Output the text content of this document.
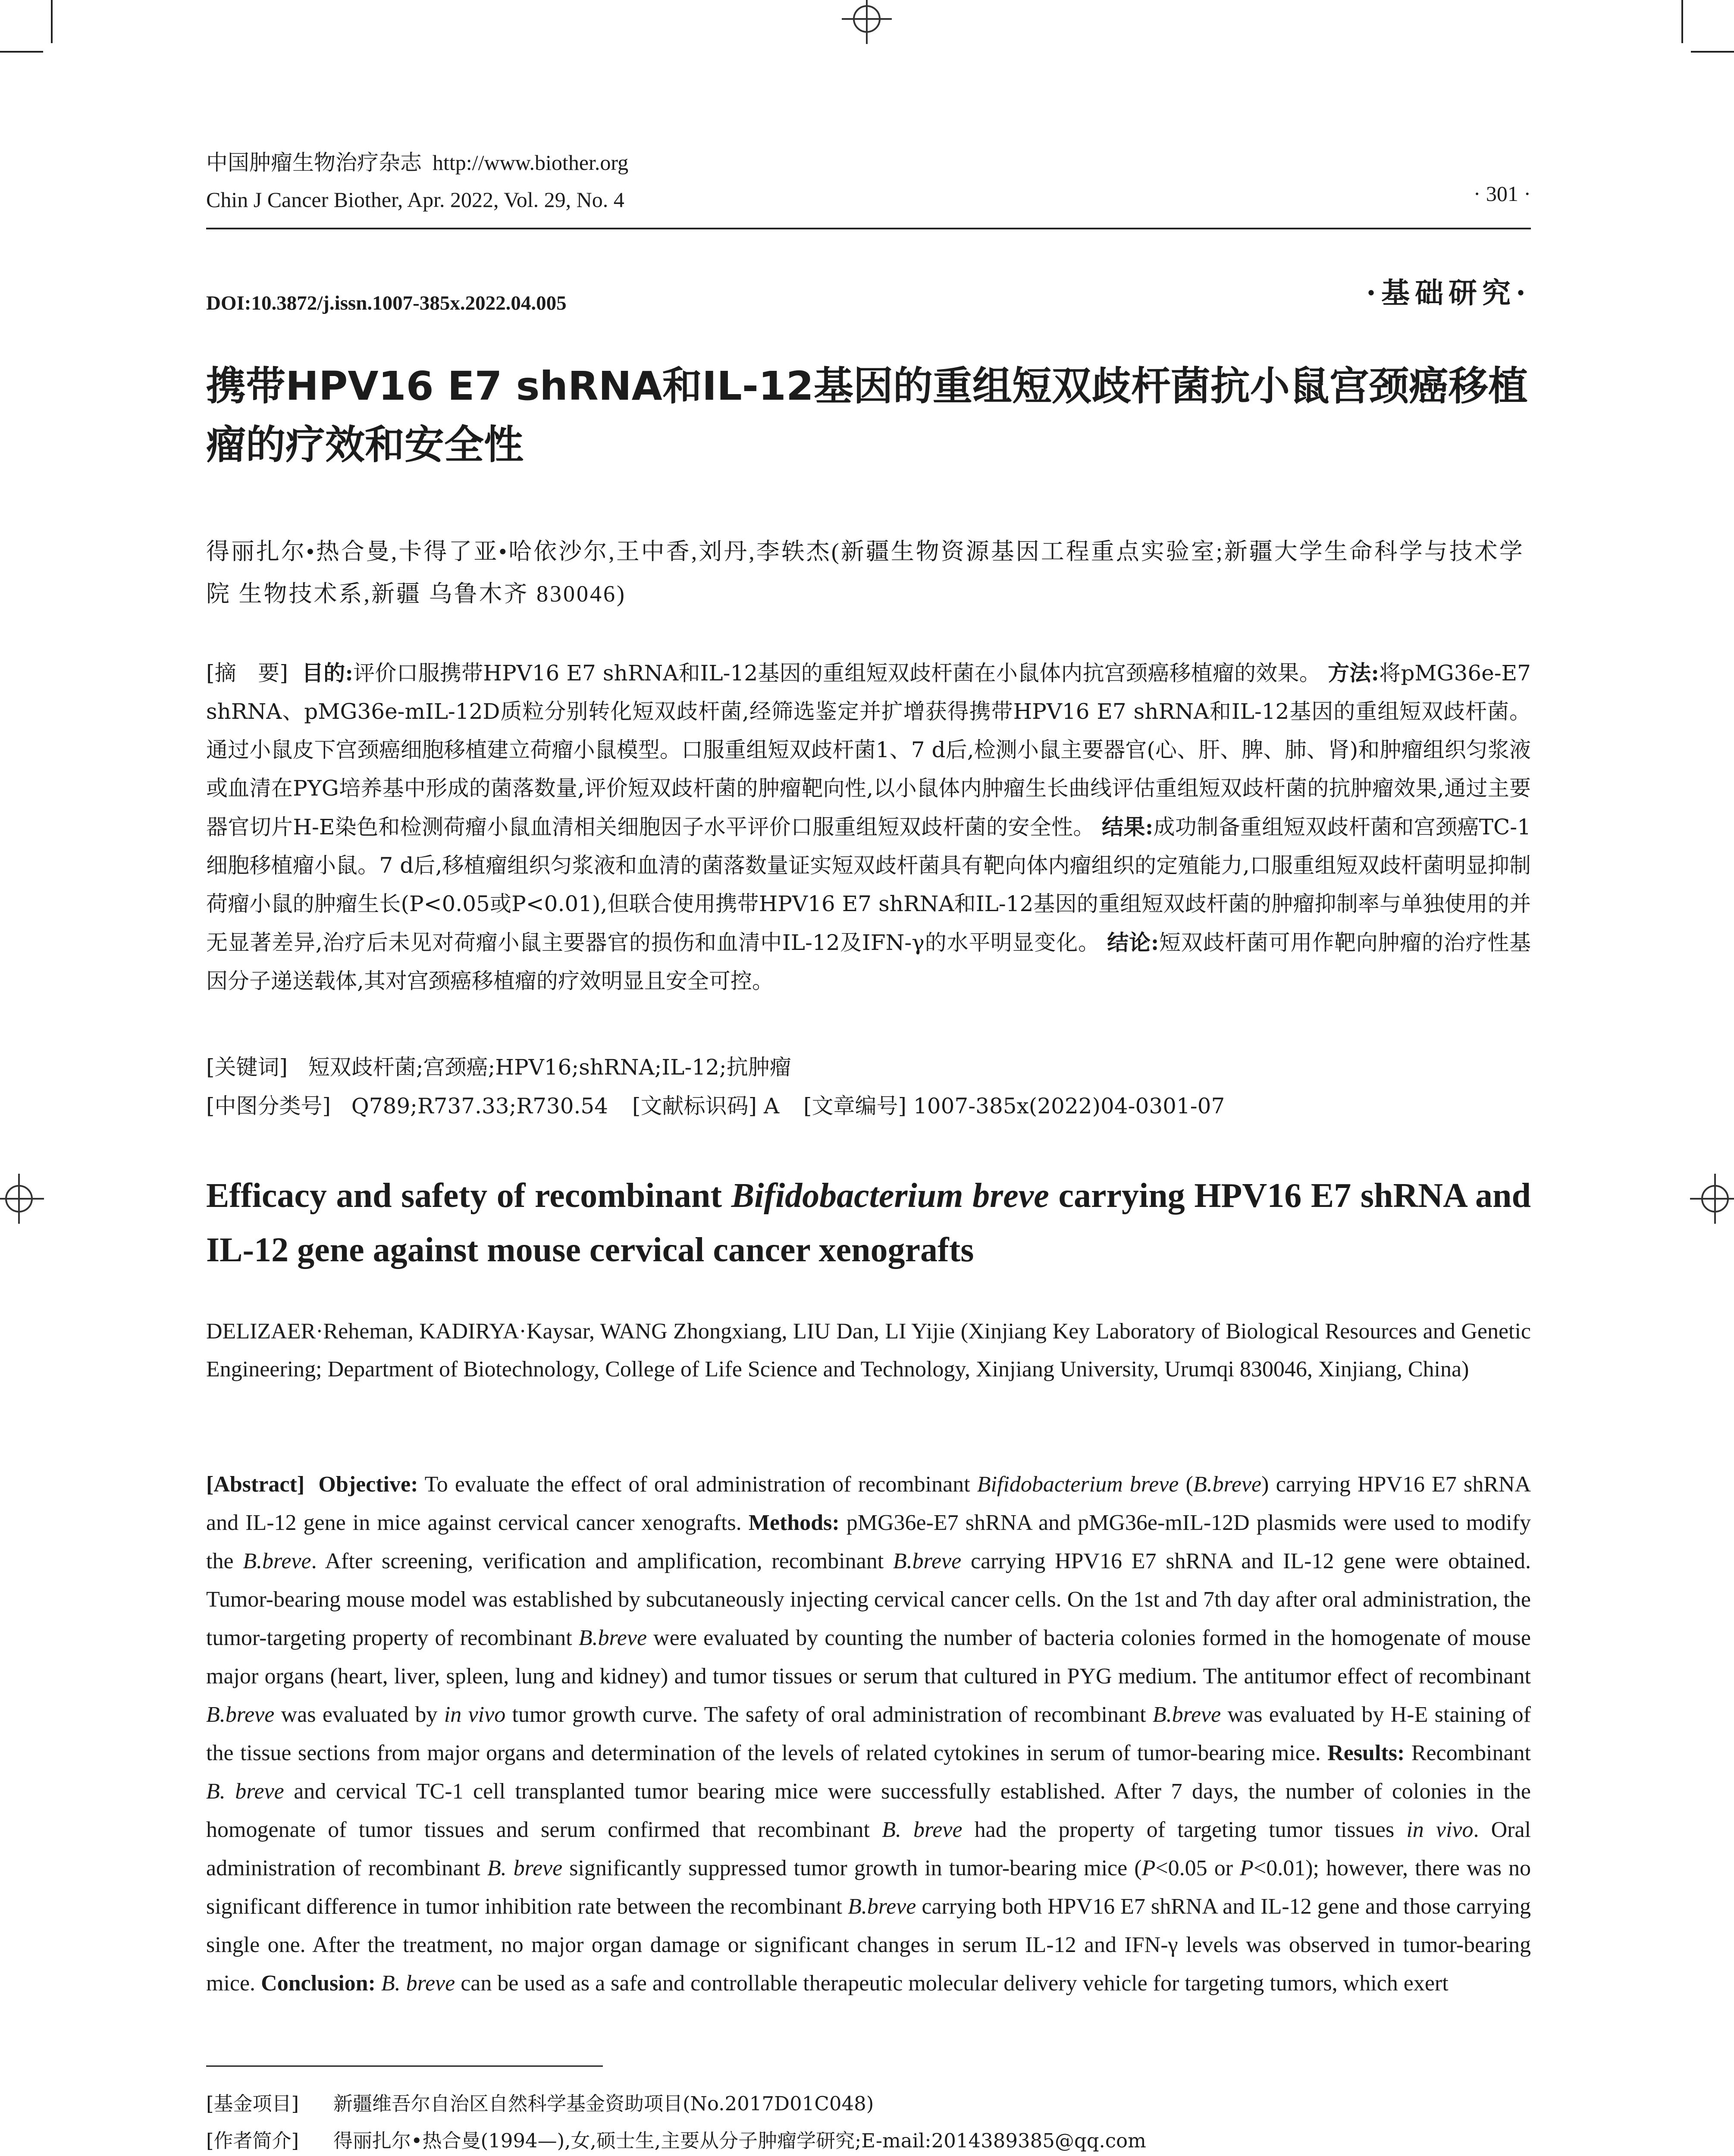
中国肿瘤生物治疗杂志 http://www.biother.org
Chin J Cancer Biother, Apr. 2022, Vol. 29, No. 4	· 301 ·
DOI:10.3872/j.issn.1007-385x.2022.04.005	·基础研究·
携带HPV16 E7 shRNA和IL-12基因的重组短双歧杆菌抗小鼠宫颈癌移植瘤的疗效和安全性
得丽扎尔•热合曼,卡得了亚•哈依沙尔,王中香,刘丹,李轶杰(新疆生物资源基因工程重点实验室;新疆大学生命科学与技术学院 生物技术系,新疆 乌鲁木齐 830046)
[摘　要] 目的:评价口服携带HPV16 E7 shRNA和IL-12基因的重组短双歧杆菌在小鼠体内抗宫颈癌移植瘤的效果。 方法:将pMG36e-E7 shRNA、pMG36e-mIL-12D质粒分别转化短双歧杆菌,经筛选鉴定并扩增获得携带HPV16 E7 shRNA和IL-12基因的重组短双歧杆菌。通过小鼠皮下宫颈癌细胞移植建立荷瘤小鼠模型。口服重组短双歧杆菌1、7 d后,检测小鼠主要器官(心、肝、脾、肺、肾)和肿瘤组织匀浆液或血清在PYG培养基中形成的菌落数量,评价短双歧杆菌的肿瘤靶向性,以小鼠体内肿瘤生长曲线评估重组短双歧杆菌的抗肿瘤效果,通过主要器官切片H-E染色和检测荷瘤小鼠血清相关细胞因子水平评价口服重组短双歧杆菌的安全性。 结果:成功制备重组短双歧杆菌和宫颈癌TC-1细胞移植瘤小鼠。7 d后,移植瘤组织匀浆液和血清的菌落数量证实短双歧杆菌具有靶向体内瘤组织的定殖能力,口服重组短双歧杆菌明显抑制荷瘤小鼠的肿瘤生长(P<0.05或P<0.01),但联合使用携带HPV16 E7 shRNA和IL-12基因的重组短双歧杆菌的肿瘤抑制率与单独使用的并无显著差异,治疗后未见对荷瘤小鼠主要器官的损伤和血清中IL-12及IFN-γ的水平明显变化。 结论:短双歧杆菌可用作靶向肿瘤的治疗性基因分子递送载体,其对宫颈癌移植瘤的疗效明显且安全可控。
[关键词] 短双歧杆菌;宫颈癌;HPV16;shRNA;IL-12;抗肿瘤
[中图分类号] Q789;R737.33;R730.54 [文献标识码] A [文章编号] 1007-385x(2022)04-0301-07
Efficacy and safety of recombinant Bifidobacterium breve carrying HPV16 E7 shRNA and IL-12 gene against mouse cervical cancer xenografts
DELIZAER·Reheman, KADIRYA·Kaysar, WANG Zhongxiang, LIU Dan, LI Yijie (Xinjiang Key Laboratory of Biological Resources and Genetic Engineering; Department of Biotechnology, College of Life Science and Technology, Xinjiang University, Urumqi 830046, Xinjiang, China)
[Abstract] Objective: To evaluate the effect of oral administration of recombinant Bifidobacterium breve (B.breve) carrying HPV16 E7 shRNA and IL-12 gene in mice against cervical cancer xenografts. Methods: pMG36e-E7 shRNA and pMG36e-mIL-12D plasmids were used to modify the B.breve. After screening, verification and amplification, recombinant B.breve carrying HPV16 E7 shRNA and IL-12 gene were obtained. Tumor-bearing mouse model was established by subcutaneously injecting cervical cancer cells. On the 1st and 7th day after oral administration, the tumor-targeting property of recombinant B.breve were evaluated by counting the number of bacteria colonies formed in the homogenate of mouse major organs (heart, liver, spleen, lung and kidney) and tumor tissues or serum that cultured in PYG medium. The antitumor effect of recombinant B.breve was evaluated by in vivo tumor growth curve. The safety of oral administration of recombinant B.breve was evaluated by H-E staining of the tissue sections from major organs and determination of the levels of related cytokines in serum of tumor-bearing mice. Results: Recombinant B. breve and cervical TC-1 cell transplanted tumor bearing mice were successfully established. After 7 days, the number of colonies in the homogenate of tumor tissues and serum confirmed that recombinant B. breve had the property of targeting tumor tissues in vivo. Oral administration of recombinant B. breve significantly suppressed tumor growth in tumor-bearing mice (P<0.05 or P<0.01); however, there was no significant difference in tumor inhibition rate between the recombinant B.breve carrying both HPV16 E7 shRNA and IL-12 gene and those carrying single one. After the treatment, no major organ damage or significant changes in serum IL-12 and IFN-γ levels was observed in tumor-bearing mice. Conclusion: B. breve can be used as a safe and controllable therapeutic molecular delivery vehicle for targeting tumors, which exert
[基金项目] 新疆维吾尔自治区自然科学基金资助项目(No.2017D01C048)
[作者简介] 得丽扎尔•热合曼(1994—),女,硕士生,主要从分子肿瘤学研究;E-mail:2014389385@qq.com
